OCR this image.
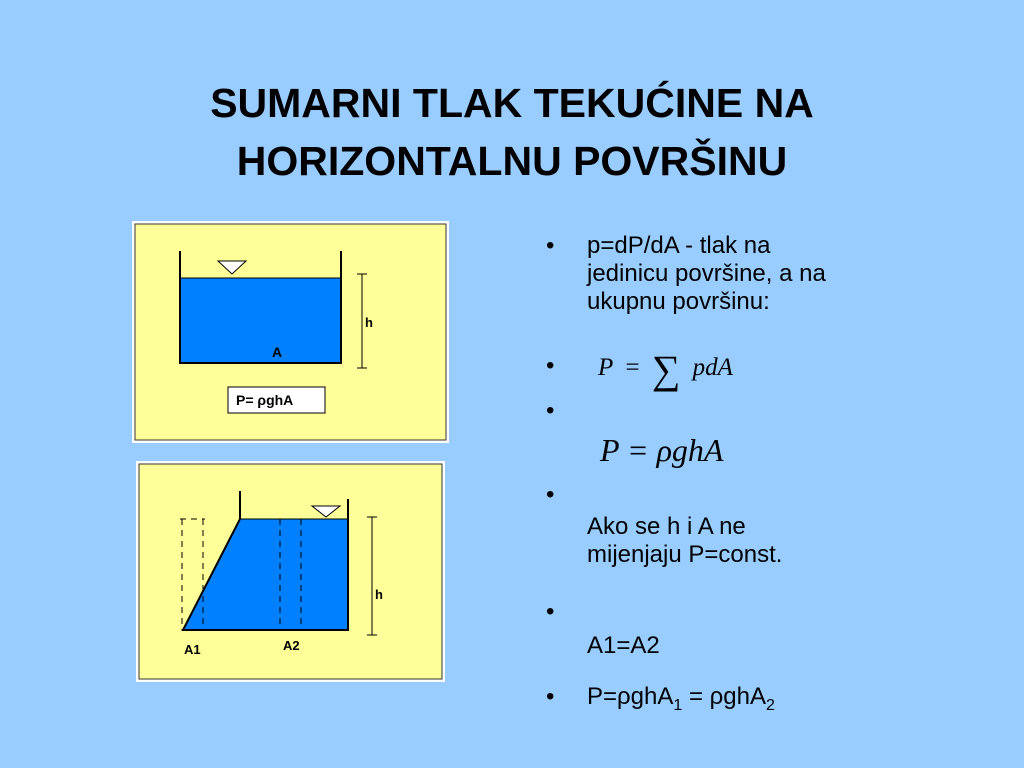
SUMARNI TLAK TEKUĆINE NA
HORIZONTALNU POVRŠINU
h
A
P= ρghA
h
A1	A2
• p=dP/dA - tlak na
jedinicu površine, a na
ukupnu površinu:
• P = ∑ pdA
•
P = ρghA
•
Ako se h i A ne
mijenjaju P=const.
•
A1=A2
• P=ρghA$_1$ = ρghA$_2$
